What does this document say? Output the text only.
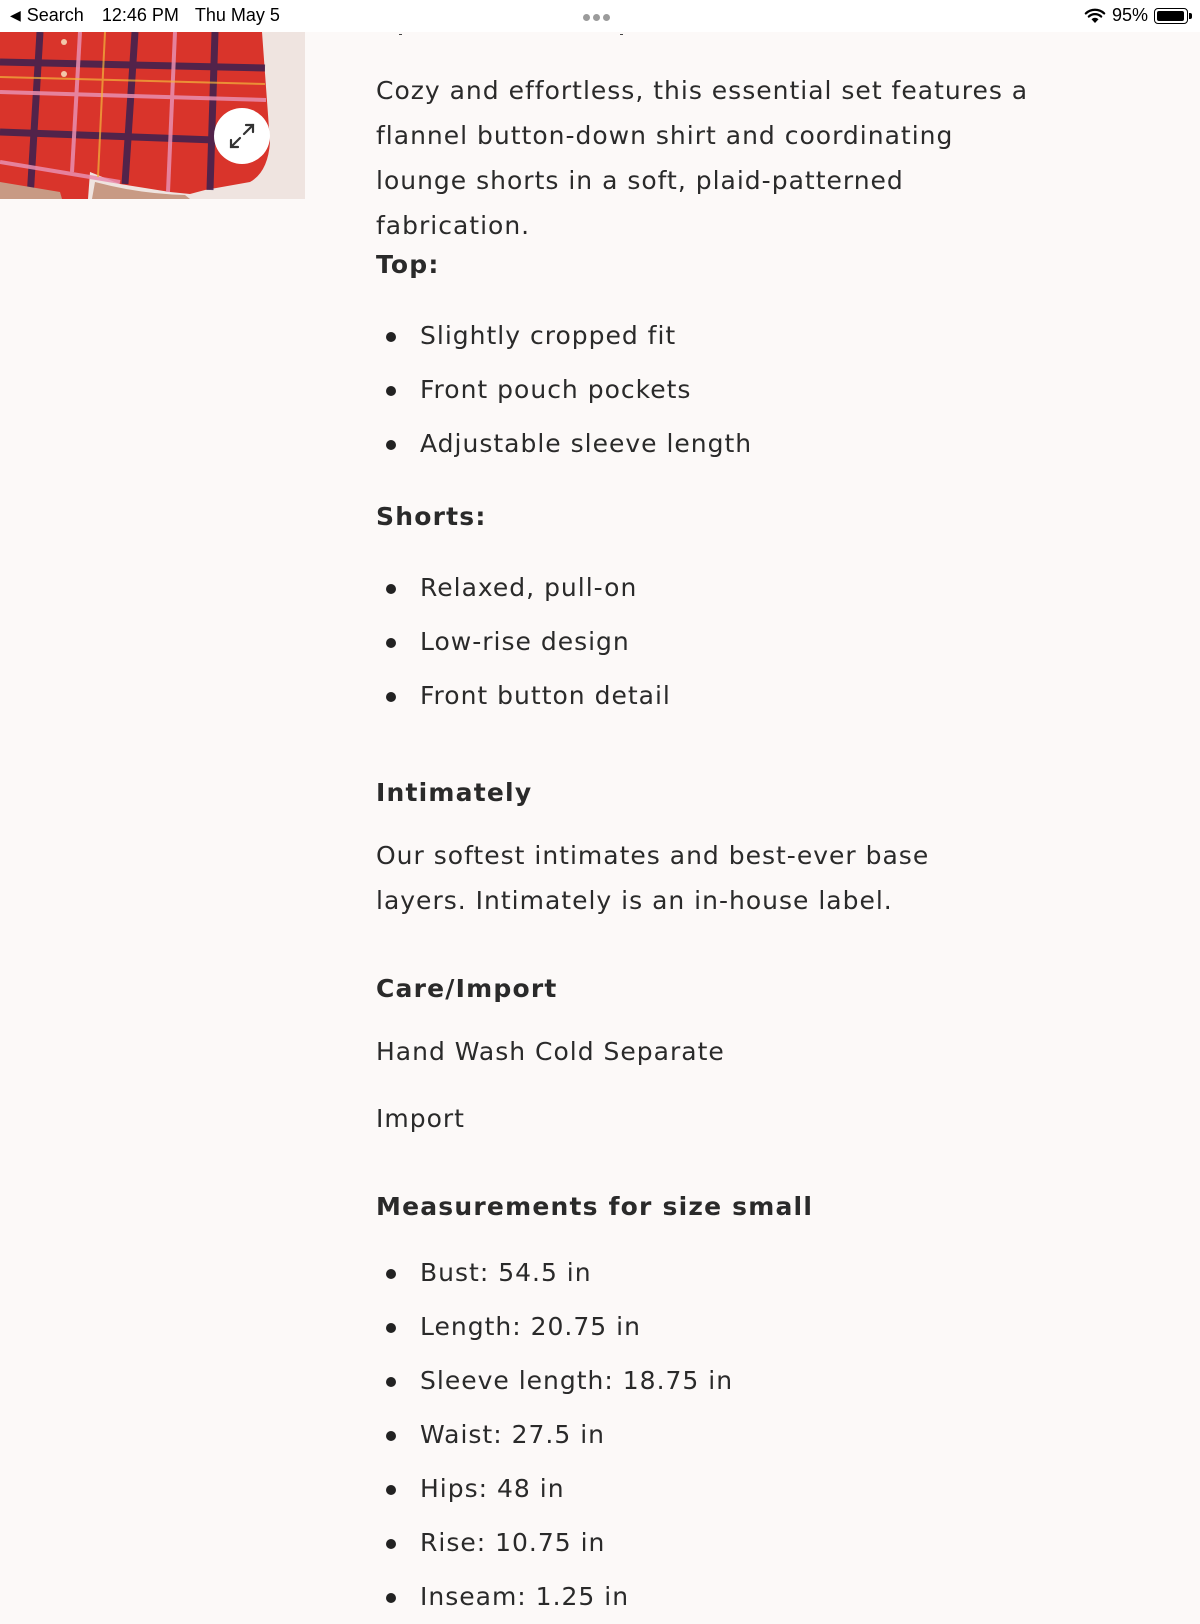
◀ Search 12:46 PM Thu May 5	95%

Cozy and effortless, this essential set features a flannel button-down shirt and coordinating lounge shorts in a soft, plaid-patterned fabrication.

Top:

Slightly cropped fit
Front pouch pockets
Adjustable sleeve length

Shorts:

Relaxed, pull-on
Low-rise design
Front button detail

Intimately

Our softest intimates and best-ever base layers. Intimately is an in-house label.

Care/Import

Hand Wash Cold Separate

Import

Measurements for size small

Bust: 54.5 in
Length: 20.75 in
Sleeve length: 18.75 in
Waist: 27.5 in
Hips: 48 in
Rise: 10.75 in
Inseam: 1.25 in
